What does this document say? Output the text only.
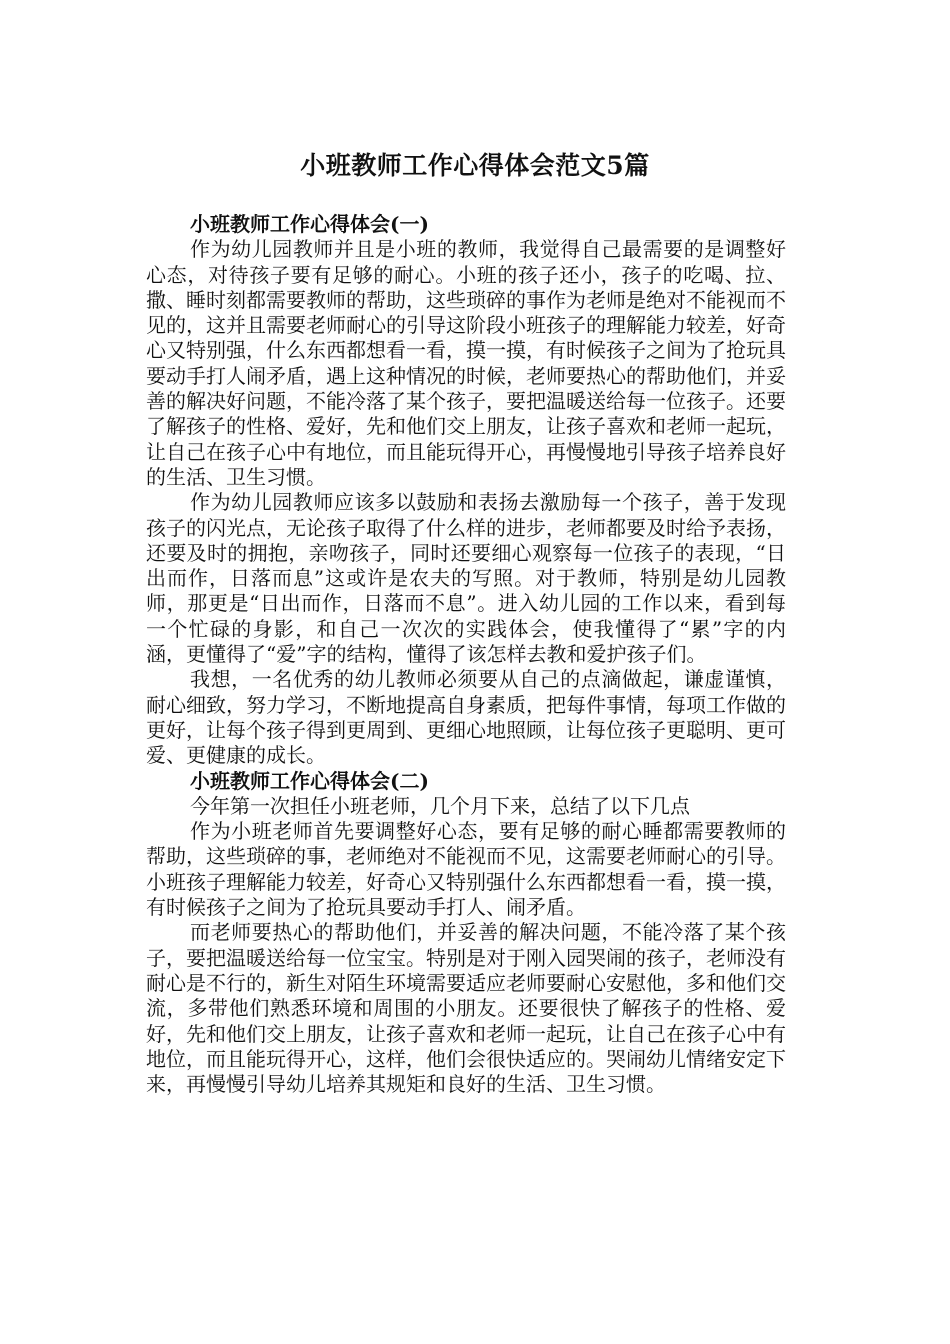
小班教师工作心得体会范文5篇
小班教师工作心得体会(一)

作为幼儿园教师并且是小班的教师，我觉得自己最需要的是调整好心态，对待孩子要有足够的耐心。小班的孩子还小，孩子的吃喝、拉、撒、睡时刻都需要教师的帮助，这些琐碎的事作为老师是绝对不能视而不见的，这并且需要老师耐心的引导这阶段小班孩子的理解能力较差，好奇心又特别强，什么东西都想看一看，摸一摸，有时候孩子之间为了抢玩具要动手打人闹矛盾，遇上这种情况的时候，老师要热心的帮助他们，并妥善的解决好问题，不能冷落了某个孩子，要把温暖送给每一位孩子。还要了解孩子的性格、爱好，先和他们交上朋友，让孩子喜欢和老师一起玩，让自己在孩子心中有地位，而且能玩得开心，再慢慢地引导孩子培养良好的生活、卫生习惯。

作为幼儿园教师应该多以鼓励和表扬去激励每一个孩子，善于发现孩子的闪光点，无论孩子取得了什么样的进步，老师都要及时给予表扬，还要及时的拥抱，亲吻孩子，同时还要细心观察每一位孩子的表现，“日出而作，日落而息”这或许是农夫的写照。对于教师，特别是幼儿园教师，那更是“日出而作，日落而不息”。进入幼儿园的工作以来，看到每一个忙碌的身影，和自己一次次的实践体会，使我懂得了“累”字的内涵，更懂得了“爱”字的结构，懂得了该怎样去教和爱护孩子们。

我想，一名优秀的幼儿教师必须要从自己的点滴做起，谦虚谨慎，耐心细致，努力学习，不断地提高自身素质，把每件事情，每项工作做的更好，让每个孩子得到更周到、更细心地照顾，让每位孩子更聪明、更可爱、更健康的成长。

小班教师工作心得体会(二)

今年第一次担任小班老师，几个月下来，总结了以下几点

作为小班老师首先要调整好心态，要有足够的耐心睡都需要教师的帮助，这些琐碎的事，老师绝对不能视而不见，这需要老师耐心的引导。小班孩子理解能力较差，好奇心又特别强什么东西都想看一看，摸一摸，有时候孩子之间为了抢玩具要动手打人、闹矛盾。

而老师要热心的帮助他们，并妥善的解决问题，不能冷落了某个孩子，要把温暖送给每一位宝宝。特别是对于刚入园哭闹的孩子，老师没有耐心是不行的，新生对陌生环境需要适应老师要耐心安慰他，多和他们交流，多带他们熟悉环境和周围的小朋友。还要很快了解孩子的性格、爱好，先和他们交上朋友，让孩子喜欢和老师一起玩，让自己在孩子心中有地位，而且能玩得开心，这样，他们会很快适应的。哭闹幼儿情绪安定下来，再慢慢引导幼儿培养其规矩和良好的生活、卫生习惯。
